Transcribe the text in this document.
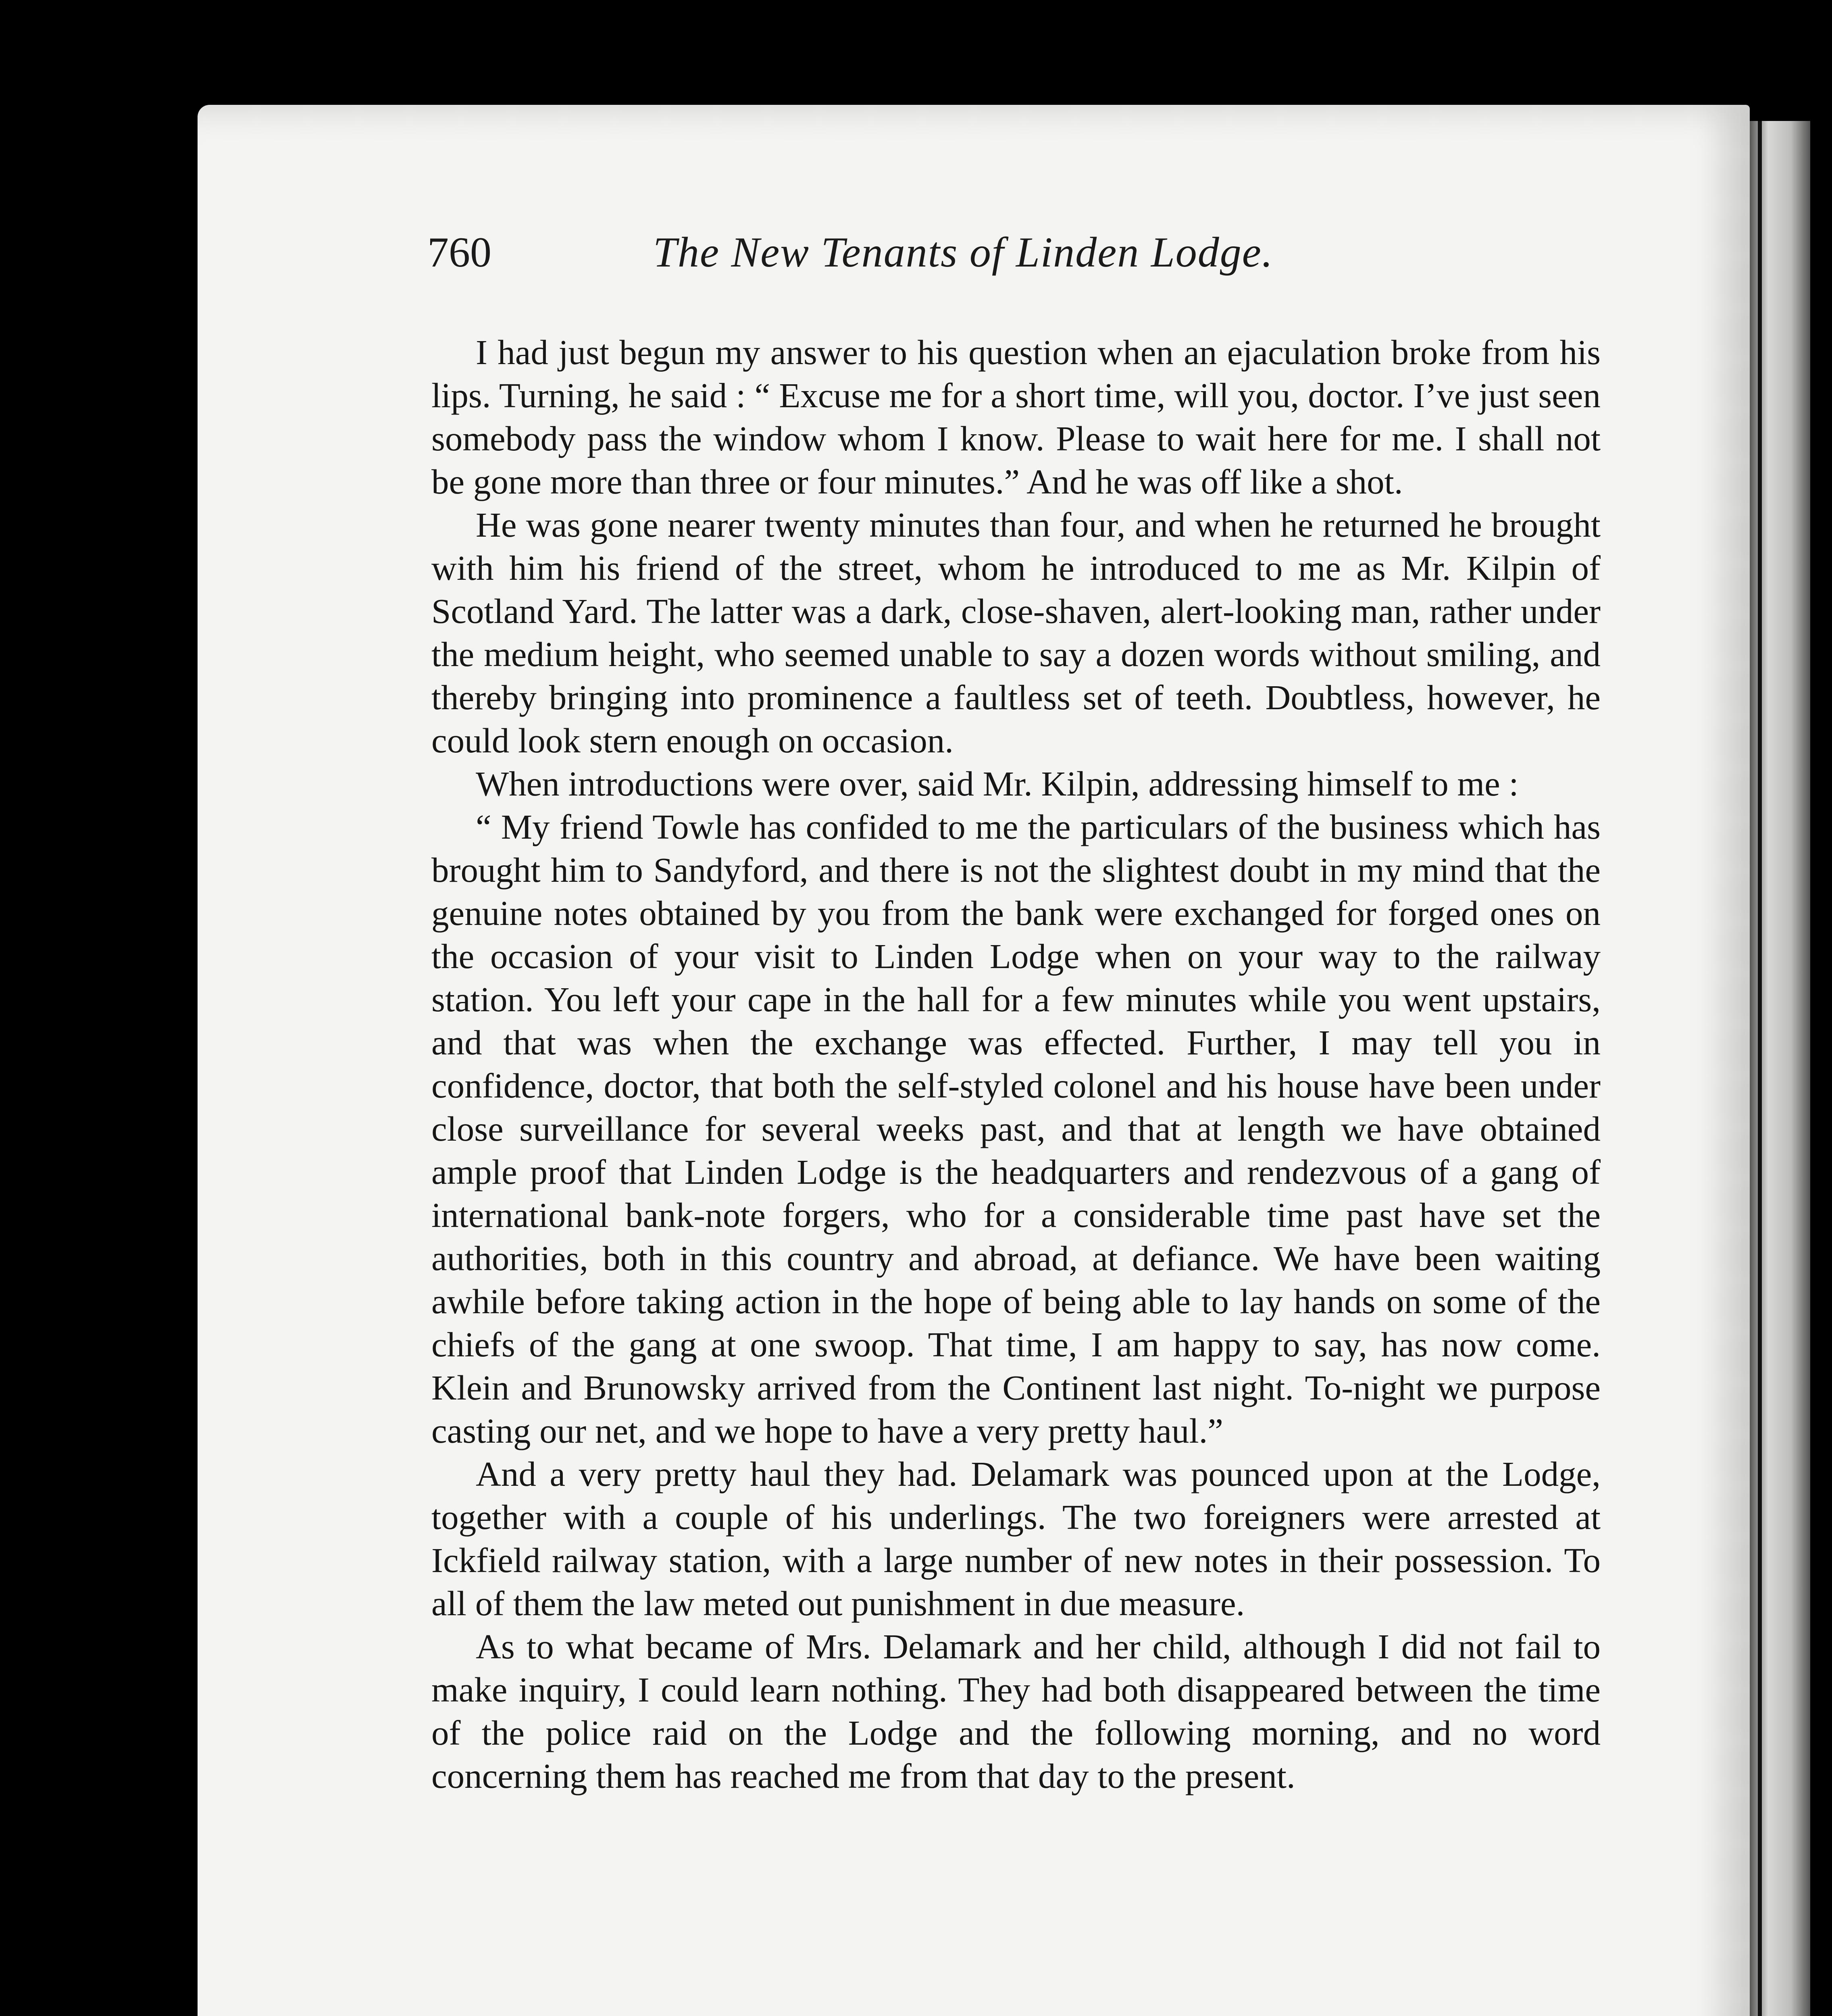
760	The New Tenants of Linden Lodge.

I had just begun my answer to his question when an ejaculation broke from his lips. Turning, he said : “ Excuse me for a short time, will you, doctor. I’ve just seen somebody pass the window whom I know. Please to wait here for me. I shall not be gone more than three or four minutes.” And he was off like a shot.

He was gone nearer twenty minutes than four, and when he returned he brought with him his friend of the street, whom he introduced to me as Mr. Kilpin of Scotland Yard. The latter was a dark, close-shaven, alert-looking man, rather under the medium height, who seemed unable to say a dozen words without smiling, and thereby bringing into prominence a faultless set of teeth. Doubtless, however, he could look stern enough on occasion.

When introductions were over, said Mr. Kilpin, addressing himself to me :

“ My friend Towle has confided to me the particulars of the business which has brought him to Sandyford, and there is not the slightest doubt in my mind that the genuine notes obtained by you from the bank were exchanged for forged ones on the occasion of your visit to Linden Lodge when on your way to the railway station. You left your cape in the hall for a few minutes while you went upstairs, and that was when the exchange was effected. Further, I may tell you in confidence, doctor, that both the self-styled colonel and his house have been under close surveillance for several weeks past, and that at length we have obtained ample proof that Linden Lodge is the headquarters and rendezvous of a gang of international bank-note forgers, who for a considerable time past have set the authorities, both in this country and abroad, at defiance. We have been waiting awhile before taking action in the hope of being able to lay hands on some of the chiefs of the gang at one swoop. That time, I am happy to say, has now come. Klein and Brunowsky arrived from the Continent last night. To-night we purpose casting our net, and we hope to have a very pretty haul.”

And a very pretty haul they had. Delamark was pounced upon at the Lodge, together with a couple of his underlings. The two foreigners were arrested at Ickfield railway station, with a large number of new notes in their possession. To all of them the law meted out punishment in due measure.

As to what became of Mrs. Delamark and her child, although I did not fail to make inquiry, I could learn nothing. They had both disappeared between the time of the police raid on the Lodge and the following morning, and no word concerning them has reached me from that day to the present.
